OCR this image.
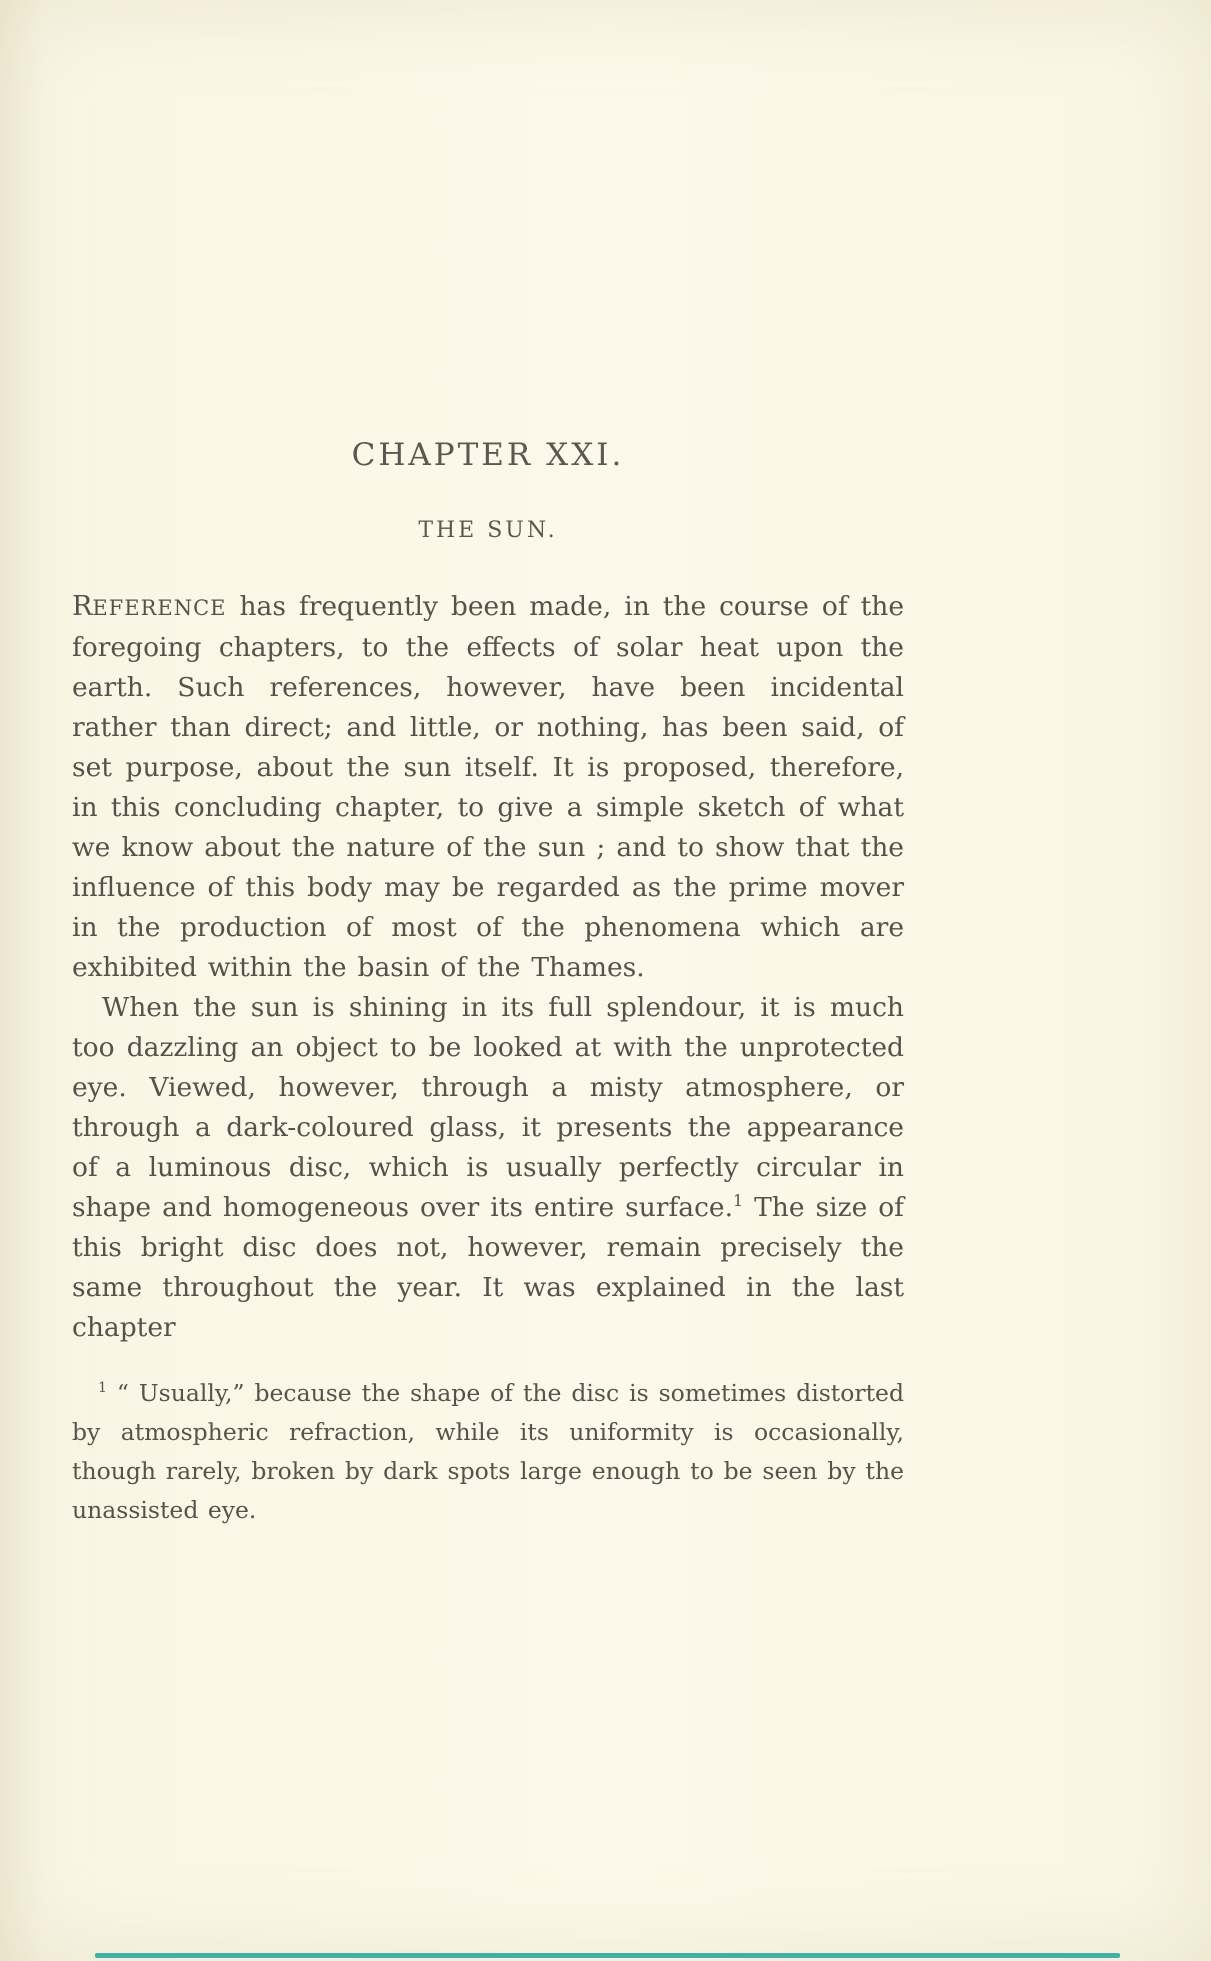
CHAPTER XXI.
THE SUN.

REFERENCE has frequently been made, in the course of the foregoing chapters, to the effects of solar heat upon the earth. Such references, however, have been incidental rather than direct; and little, or nothing, has been said, of set purpose, about the sun itself. It is proposed, therefore, in this concluding chapter, to give a simple sketch of what we know about the nature of the sun ; and to show that the influence of this body may be regarded as the prime mover in the production of most of the phenomena which are exhibited within the basin of the Thames.

When the sun is shining in its full splendour, it is much too dazzling an object to be looked at with the unprotected eye. Viewed, however, through a misty atmosphere, or through a dark-coloured glass, it presents the appearance of a luminous disc, which is usually perfectly circular in shape and homogeneous over its entire surface.$^1$ The size of this bright disc does not, however, remain precisely the same throughout the year. It was explained in the last chapter

$^1$ “ Usually,” because the shape of the disc is sometimes distorted by atmospheric refraction, while its uniformity is occasionally, though rarely, broken by dark spots large enough to be seen by the unassisted eye.
